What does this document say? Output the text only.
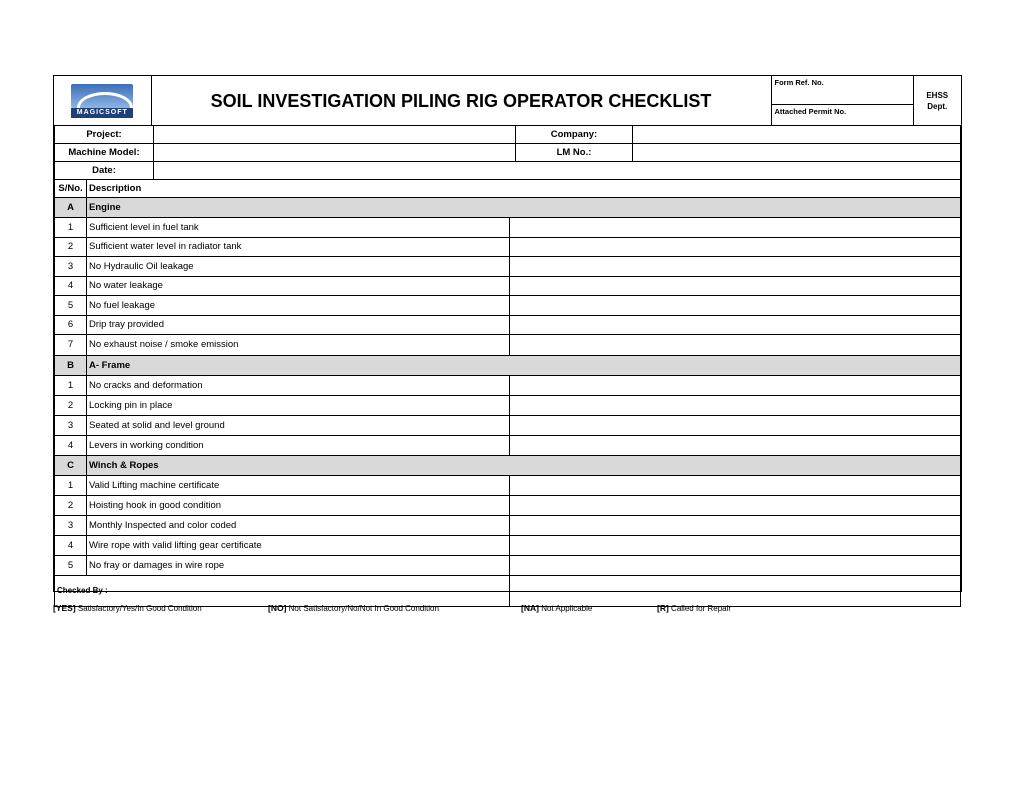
MAGICSOFT
	SOIL INVESTIGATION PILING RIG OPERATOR CHECKLIST	
Form Ref. No.
Attached Permit No.

EHSS
Dept.
Project:		Company:	
Machine Model:		LM No.:	
Date:			
S/No.	Description	
A	Engine	
1	Sufficient level in fuel tank	
2	Sufficient water level in radiator tank	
3	No Hydraulic Oil leakage	
4	No water leakage	
5	No fuel leakage	
6	Drip tray provided	
7	No exhaust noise / smoke emission	
B	A- Frame	
1	No cracks and deformation	
2	Locking pin in place	
3	Seated at solid and level ground	
4	Levers in working condition	
C	Winch & Ropes	
1	Valid Lifting machine certificate	
2	Hoisting hook in good condition	
3	Monthly Inspected and color coded	
4	Wire rope with valid lifting gear certificate	
5	No fray or damages in wire rope	
Checked By :	
[YES] Satisfactory/Yes/In Good Condition	[NO] Not Satisfactory/No/Not In Good Condition	[NA] Not Applicable	[R] Called for Repair
